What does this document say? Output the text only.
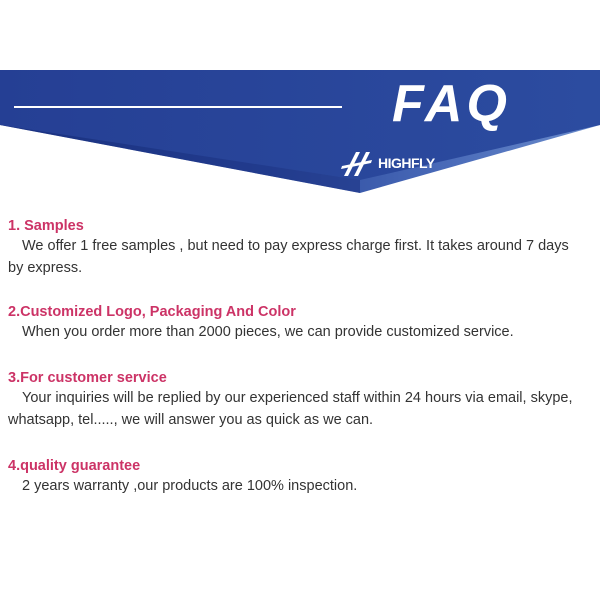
FAQ
HIGHFLY

1. Samples

We offer 1 free samples , but need to pay express charge first. It takes around 7 days by express.

2.Customized Logo, Packaging And Color

When you order more than 2000 pieces, we can provide customized service.

3.For customer service

Your inquiries will be replied by our experienced staff within 24 hours via email, skype, whatsapp, tel....., we will answer you as quick as we can.

4.quality guarantee

2 years warranty ,our products are 100% inspection.
